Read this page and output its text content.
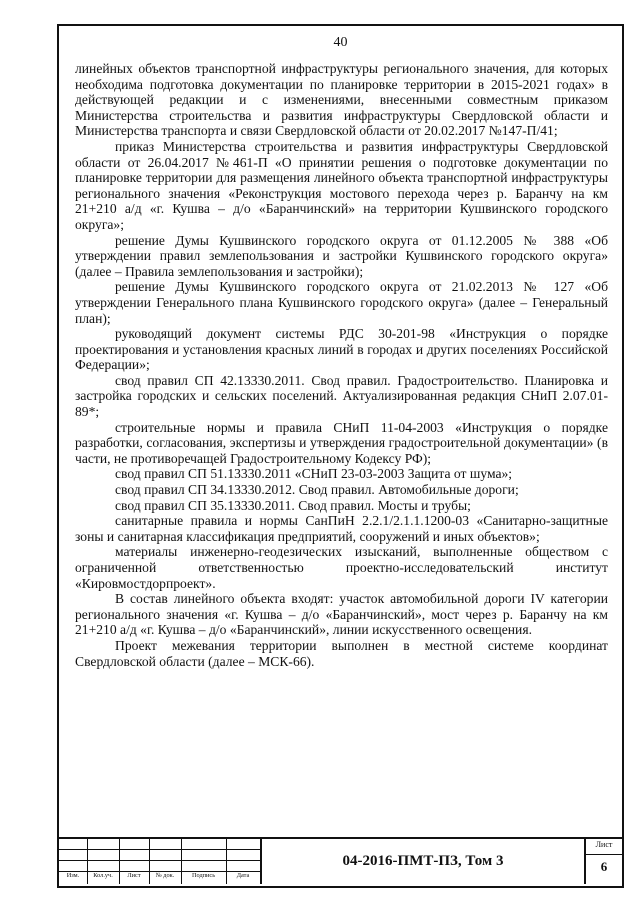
40

линейных объектов транспортной инфраструктуры регионального значения, для которых необходима подготовка документации по планировке территории в 2015-2021 годах» в действующей редакции и с изменениями, внесенными совместным приказом Министерства строительства и развития инфраструктуры Свердловской области и Министерства транспорта и связи Свердловской области от 20.02.2017 №147-П/41;

приказ Министерства строительства и развития инфраструктуры Свердловской области от 26.04.2017 №461-П «О принятии решения о подготовке документации по планировке территории для размещения линейного объекта транспортной инфраструктуры регионального значения «Реконструкция мостового перехода через р. Баранчу на км 21+210 а/д «г. Кушва – д/о «Баранчинский» на территории Кушвинского городского округа»;

решение Думы Кушвинского городского округа от 01.12.2005 № 388 «Об утверждении правил землепользования и застройки Кушвинского городского округа» (далее – Правила землепользования и застройки);

решение Думы Кушвинского городского округа от 21.02.2013 № 127 «Об утверждении Генерального плана Кушвинского городского округа» (далее – Генеральный план);

руководящий документ системы РДС 30-201-98 «Инструкция о порядке проектирования и установления красных линий в городах и других поселениях Российской Федерации»;

свод правил СП 42.13330.2011. Свод правил. Градостроительство. Планировка и застройка городских и сельских поселений. Актуализированная редакция СНиП 2.07.01-89*;

строительные нормы и правила СНиП 11-04-2003 «Инструкция о порядке разработки, согласования, экспертизы и утверждения градостроительной документации» (в части, не противоречащей Градостроительному Кодексу РФ);

свод правил СП 51.13330.2011 «СНиП 23-03-2003 Защита от шума»;

свод правил СП 34.13330.2012. Свод правил. Автомобильные дороги;

свод правил СП 35.13330.2011. Свод правил. Мосты и трубы;

санитарные правила и нормы СанПиН 2.2.1/2.1.1.1200-03 «Санитарно-защитные зоны и санитарная классификация предприятий, сооружений и иных объектов»;

материалы инженерно-геодезических изысканий, выполненные обществом с ограниченной ответственностью проектно-исследовательский институт «Кировмостдорпроект».

В состав линейного объекта входят: участок автомобильной дороги IV категории регионального значения «г. Кушва – д/о «Баранчинский», мост через р. Баранчу на км 21+210 а/д «г. Кушва – д/о «Баранчинский», линии искусственного освещения.

Проект межевания территории выполнен в местной системе координат Свердловской области (далее – МСК-66).

Изм.	Кол.уч.	Лист	№ док.	Подпись	Дата
04-2016-ПМТ-ПЗ, Том 3
Лист
6
